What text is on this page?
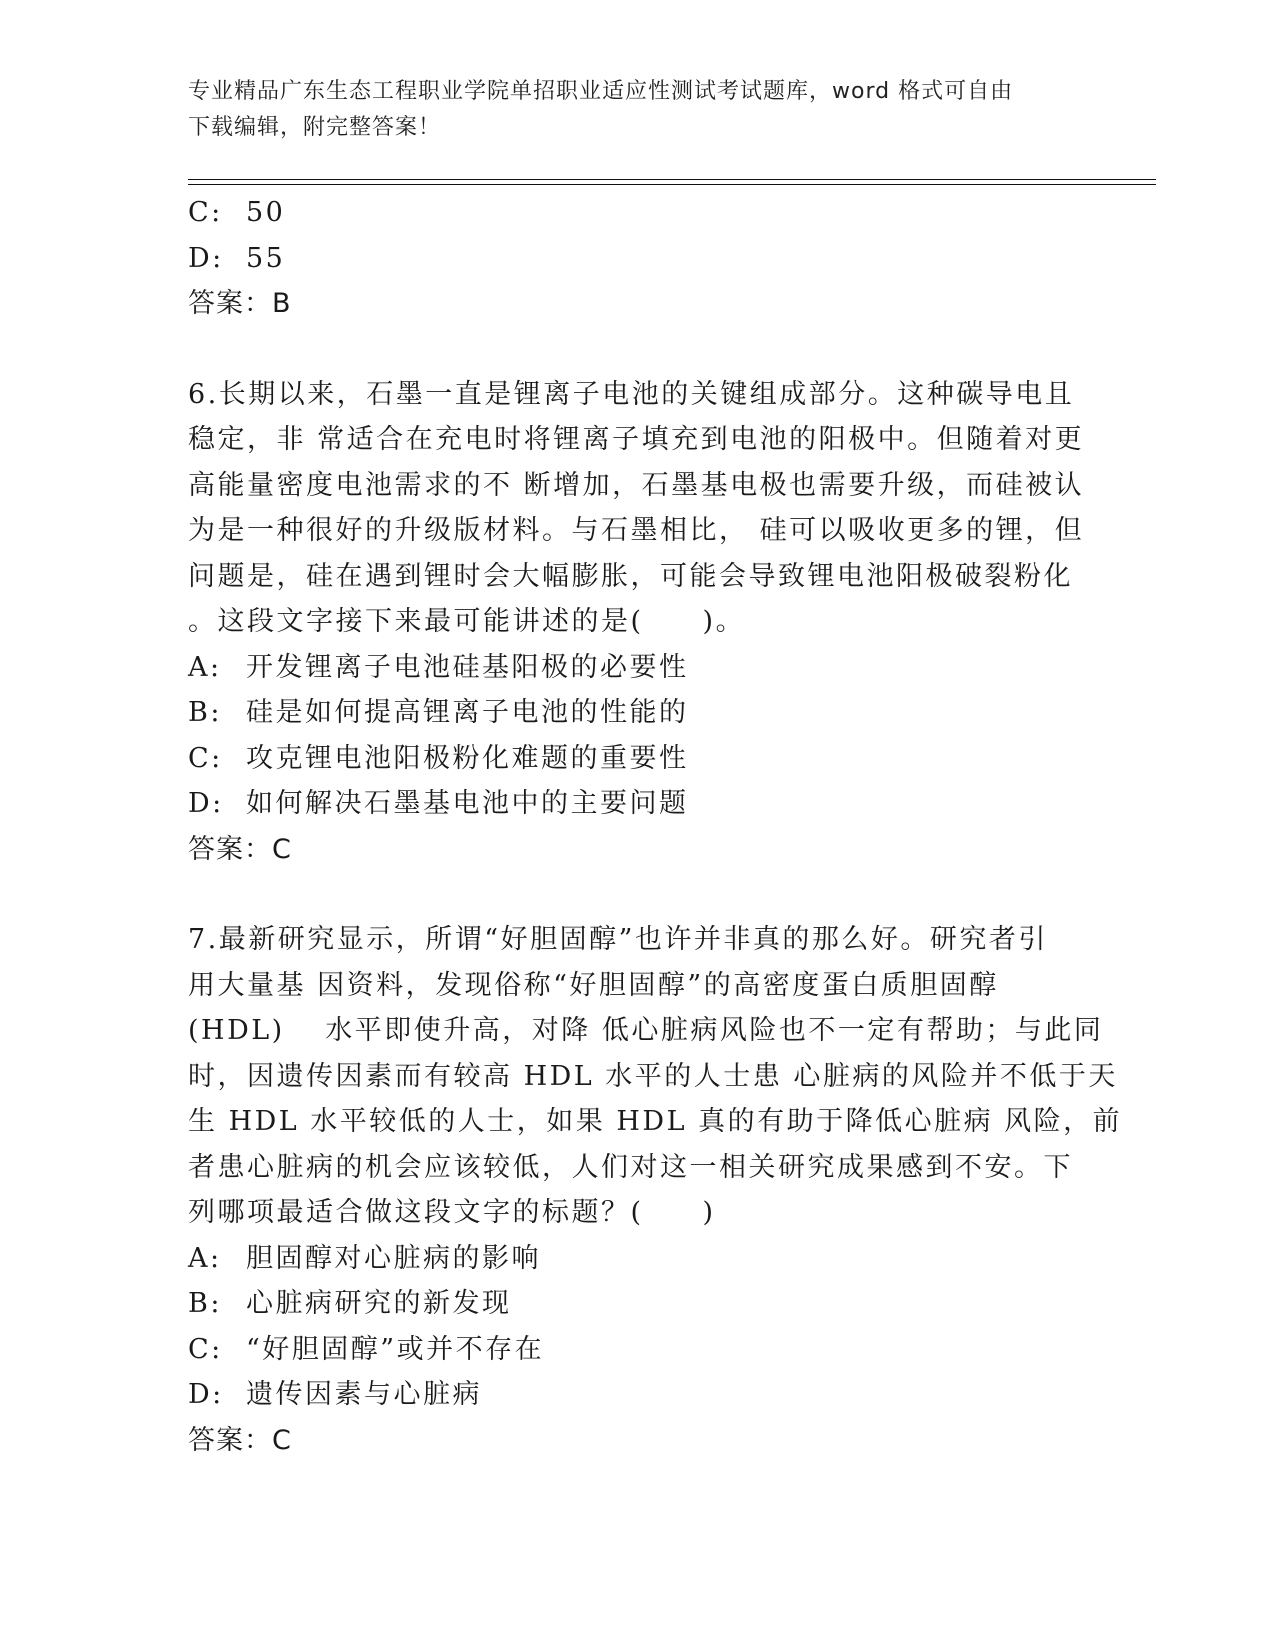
专业精品广东生态工程职业学院单招职业适应性测试考试题库，word 格式可自由
下载编辑，附完整答案！
C: 50
D: 55
答案：B
6.长期以来，石墨一直是锂离子电池的关键组成部分。这种碳导电且
稳定，非 常适合在充电时将锂离子填充到电池的阳极中。但随着对更
高能量密度电池需求的不 断增加，石墨基电极也需要升级，而硅被认
为是一种很好的升级版材料。与石墨相比， 硅可以吸收更多的锂，但
问题是，硅在遇到锂时会大幅膨胀，可能会导致锂电池阳极破裂粉化
。这段文字接下来最可能讲述的是(　　)。
A: 开发锂离子电池硅基阳极的必要性
B: 硅是如何提高锂离子电池的性能的
C: 攻克锂电池阳极粉化难题的重要性
D: 如何解决石墨基电池中的主要问题
答案：C
7.最新研究显示，所谓“好胆固醇”也许并非真的那么好。研究者引
用大量基 因资料，发现俗称“好胆固醇”的高密度蛋白质胆固醇
(HDL)　 水平即使升高，对降 低心脏病风险也不一定有帮助；与此同
时，因遗传因素而有较高 HDL 水平的人士患 心脏病的风险并不低于天
生 HDL 水平较低的人士，如果 HDL 真的有助于降低心脏病 风险，前
者患心脏病的机会应该较低，人们对这一相关研究成果感到不安。下
列哪项最适合做这段文字的标题？(　　)
A: 胆固醇对心脏病的影响
B: 心脏病研究的新发现
C: “好胆固醇”或并不存在
D: 遗传因素与心脏病
答案：C
